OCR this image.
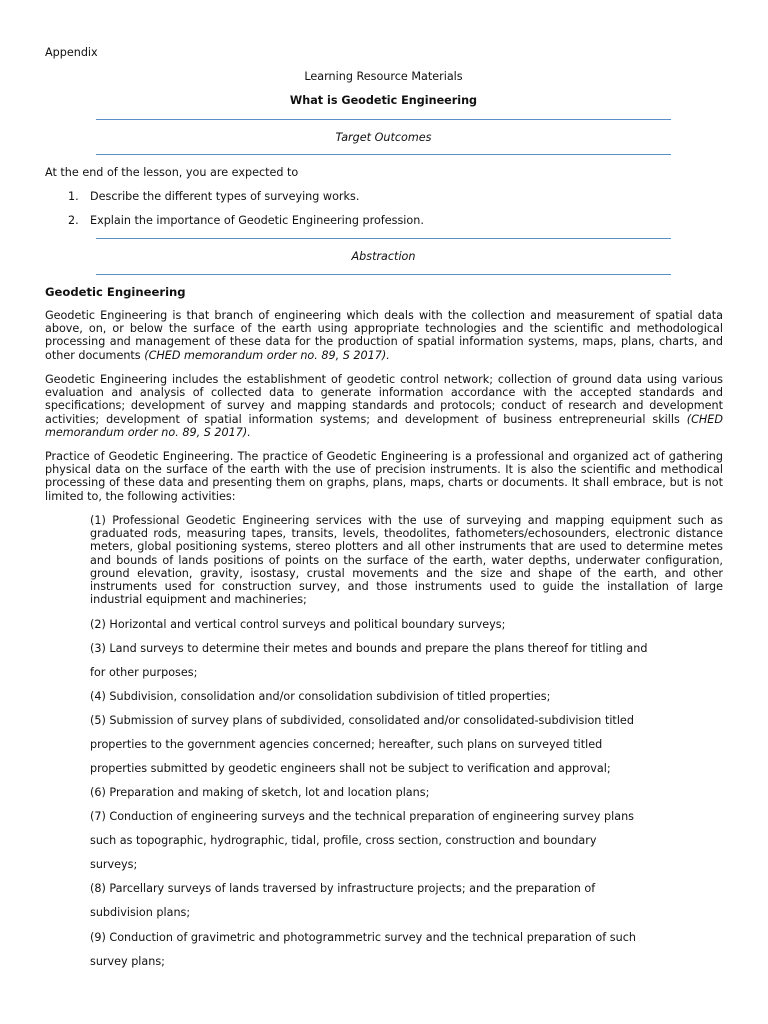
Appendix
Learning Resource Materials
What is Geodetic Engineering
Target Outcomes
At the end of the lesson, you are expected to
1. Describe the different types of surveying works.
2. Explain the importance of Geodetic Engineering profession.
Abstraction
Geodetic Engineering
Geodetic Engineering is that branch of engineering which deals with the collection and measurement of spatial data above, on, or below the surface of the earth using appropriate technologies and the scientific and methodological processing and management of these data for the production of spatial information systems, maps, plans, charts, and other documents (CHED memorandum order no. 89, S 2017).
Geodetic Engineering includes the establishment of geodetic control network; collection of ground data using various evaluation and analysis of collected data to generate information accordance with the accepted standards and specifications; development of survey and mapping standards and protocols; conduct of research and development activities; development of spatial information systems; and development of business entrepreneurial skills (CHED memorandum order no. 89, S 2017).
Practice of Geodetic Engineering. The practice of Geodetic Engineering is a professional and organized act of gathering physical data on the surface of the earth with the use of precision instruments. It is also the scientific and methodical processing of these data and presenting them on graphs, plans, maps, charts or documents. It shall embrace, but is not limited to, the following activities:
(1) Professional Geodetic Engineering services with the use of surveying and mapping equipment such as graduated rods, measuring tapes, transits, levels, theodolites, fathometers/echosounders, electronic distance meters, global positioning systems, stereo plotters and all other instruments that are used to determine metes and bounds of lands positions of points on the surface of the earth, water depths, underwater configuration, ground elevation, gravity, isostasy, crustal movements and the size and shape of the earth, and other instruments used for construction survey, and those instruments used to guide the installation of large industrial equipment and machineries;
(2) Horizontal and vertical control surveys and political boundary surveys;
(3) Land surveys to determine their metes and bounds and prepare the plans thereof for titling and
for other purposes;
(4) Subdivision, consolidation and/or consolidation subdivision of titled properties;
(5) Submission of survey plans of subdivided, consolidated and/or consolidated-subdivision titled
properties to the government agencies concerned; hereafter, such plans on surveyed titled
properties submitted by geodetic engineers shall not be subject to verification and approval;
(6) Preparation and making of sketch, lot and location plans;
(7) Conduction of engineering surveys and the technical preparation of engineering survey plans
such as topographic, hydrographic, tidal, profile, cross section, construction and boundary
surveys;
(8) Parcellary surveys of lands traversed by infrastructure projects; and the preparation of
subdivision plans;
(9) Conduction of gravimetric and photogrammetric survey and the technical preparation of such
survey plans;
